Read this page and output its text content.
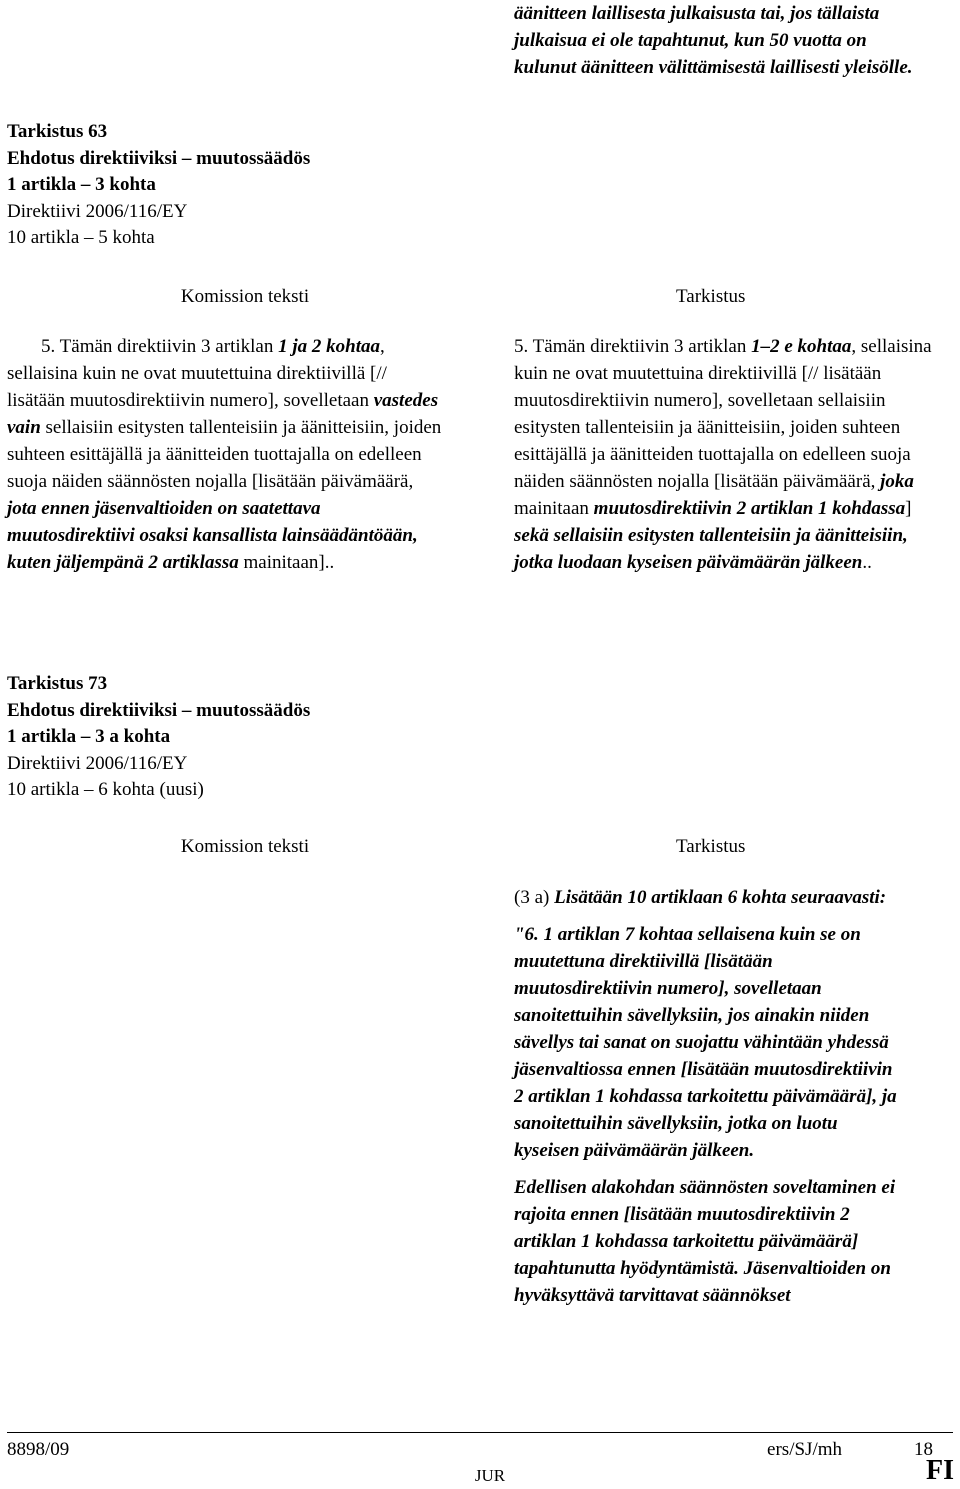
äänitteen laillisesta julkaisusta tai, jos tällaista julkaisua ei ole tapahtunut, kun 50 vuotta on kulunut äänitteen välittämisestä laillisesti yleisölle.
Tarkistus 63
Ehdotus direktiiviksi – muutossäädös
1 artikla – 3 kohta
Direktiivi 2006/116/EY
10 artikla – 5 kohta
Komission teksti	Tarkistus

5. Tämän direktiivin 3 artiklan 1 ja 2 kohtaa, sellaisina kuin ne ovat muutettuina direktiivillä [// lisätään muutosdirektiivin numero], sovelletaan vastedes vain sellaisiin esitysten tallenteisiin ja äänitteisiin, joiden suhteen esittäjällä ja äänitteiden tuottajalla on edelleen suoja näiden säännösten nojalla [lisätään päivämäärä, jota ennen jäsenvaltioiden on saatettava muutosdirektiivi osaksi kansallista lainsäädäntöään, kuten jäljempänä 2 artiklassa mainitaan]..

5. Tämän direktiivin 3 artiklan 1–2 e kohtaa, sellaisina kuin ne ovat muutettuina direktiivillä [// lisätään muutosdirektiivin numero], sovelletaan sellaisiin esitysten tallenteisiin ja äänitteisiin, joiden suhteen esittäjällä ja äänitteiden tuottajalla on edelleen suoja näiden säännösten nojalla [lisätään päivämäärä, joka mainitaan muutosdirektiivin 2 artiklan 1 kohdassa] sekä sellaisiin esitysten tallenteisiin ja äänitteisiin, jotka luodaan kyseisen päivämäärän jälkeen..

Tarkistus 73
Ehdotus direktiiviksi – muutossäädös
1 artikla – 3 a kohta
Direktiivi 2006/116/EY
10 artikla – 6 kohta (uusi)
Komission teksti	Tarkistus

(3 a) Lisätään 10 artiklaan 6 kohta seuraavasti:

"6. 1 artiklan 7 kohtaa sellaisena kuin se on muutettuna direktiivillä [lisätään muutosdirektiivin numero], sovelletaan sanoitettuihin sävellyksiin, jos ainakin niiden sävellys tai sanat on suojattu vähintään yhdessä jäsenvaltiossa ennen [lisätään muutosdirektiivin 2 artiklan 1 kohdassa tarkoitettu päivämäärä], ja sanoitettuihin sävellyksiin, jotka on luotu kyseisen päivämäärän jälkeen.

Edellisen alakohdan säännösten soveltaminen ei rajoita ennen [lisätään muutosdirektiivin 2 artiklan 1 kohdassa tarkoitettu päivämäärä] tapahtunutta hyödyntämistä. Jäsenvaltioiden on hyväksyttävä tarvittavat säännökset

8898/09	ers/SJ/mh	18
JUR	FI
